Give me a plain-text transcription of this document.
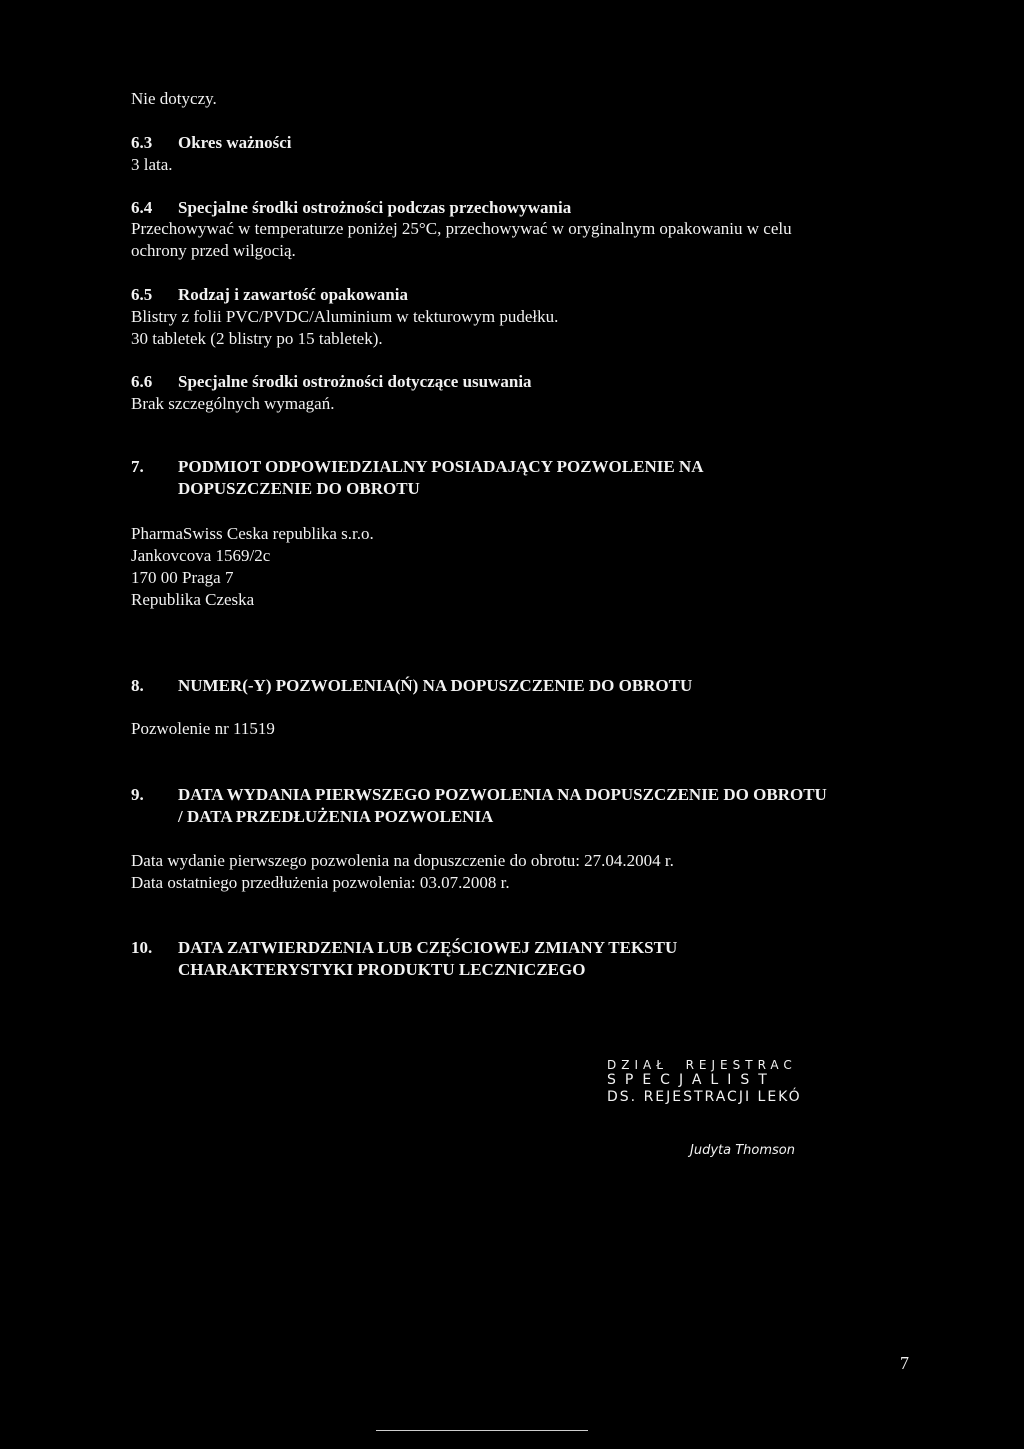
Nie dotyczy.
6.3 Okres ważności
3 lata.
6.4 Specjalne środki ostrożności podczas przechowywania
Przechowywać w temperaturze poniżej 25°C, przechowywać w oryginalnym opakowaniu w celu
ochrony przed wilgocią.
6.5 Rodzaj i zawartość opakowania
Blistry z folii PVC/PVDC/Aluminium w tekturowym pudełku.
30 tabletek (2 blistry po 15 tabletek).
6.6 Specjalne środki ostrożności dotyczące usuwania
Brak szczególnych wymagań.
7. PODMIOT ODPOWIEDZIALNY POSIADAJĄCY POZWOLENIE NA
DOPUSZCZENIE DO OBROTU
PharmaSwiss Ceska republika s.r.o.
Jankovcova 1569/2c
170 00 Praga 7
Republika Czeska
8. NUMER(-Y) POZWOLENIA(Ń) NA DOPUSZCZENIE DO OBROTU
Pozwolenie nr 11519
9. DATA WYDANIA PIERWSZEGO POZWOLENIA NA DOPUSZCZENIE DO OBROTU
/ DATA PRZEDŁUŻENIA POZWOLENIA
Data wydanie pierwszego pozwolenia na dopuszczenie do obrotu: 27.04.2004 r.
Data ostatniego przedłużenia pozwolenia: 03.07.2008 r.
10. DATA ZATWIERDZENIA LUB CZĘŚCIOWEJ ZMIANY TEKSTU
CHARAKTERYSTYKI PRODUKTU LECZNICZEGO
DZIAŁ  REJESTRAC
SPECJALIST
DS. REJESTRACJI LEKÓ
Judyta Thomson
7
